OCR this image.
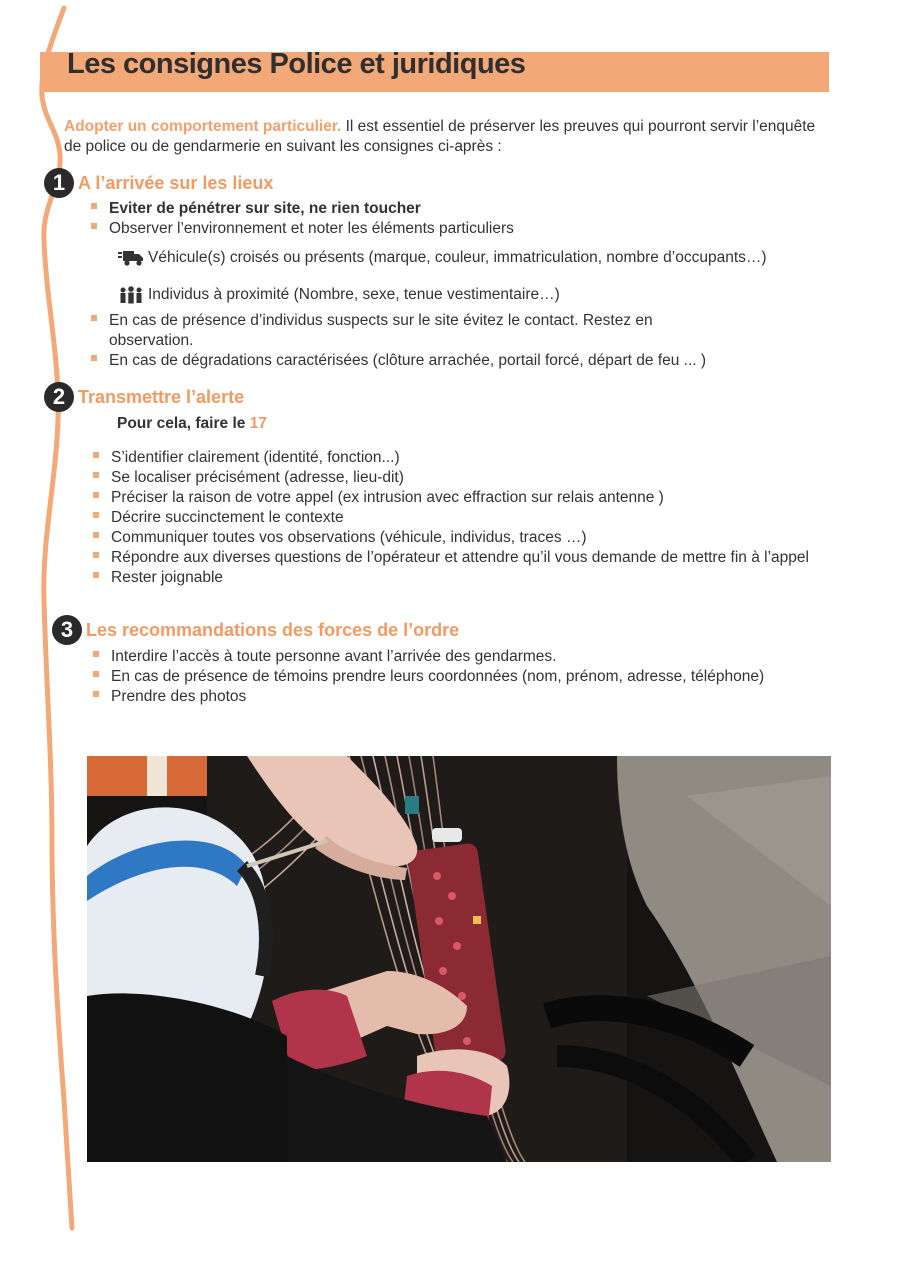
Les consignes Police et juridiques

Adopter un comportement particulier. Il est essentiel de préserver les preuves qui pourront servir l’enquête de police ou de gendarmerie en suivant les consignes ci-après :

1 A l’arrivée sur les lieux
Eviter de pénétrer sur site, ne rien toucher
Observer l’environnement et noter les éléments particuliers
Véhicule(s) croisés ou présents (marque, couleur, immatriculation, nombre d’occupants…)
Individus à proximité (Nombre, sexe, tenue vestimentaire…)
En cas de présence d’individus suspects sur le site évitez le contact. Restez en observation.
En cas de dégradations caractérisées (clôture arrachée, portail forcé, départ de feu ... )
2 Transmettre l’alerte
Pour cela, faire le 17
S’identifier clairement (identité, fonction...)
Se localiser précisément (adresse, lieu-dit)
Préciser la raison de votre appel (ex intrusion avec effraction sur relais antenne )
Décrire succinctement le contexte
Communiquer toutes vos observations (véhicule, individus, traces …)
Répondre aux diverses questions de l’opérateur et attendre qu’il vous demande de mettre fin à l’appel
Rester joignable
3 Les recommandations des forces de l’ordre
Interdire l’accès à toute personne avant l’arrivée des gendarmes.
En cas de présence de témoins prendre leurs coordonnées (nom, prénom, adresse, téléphone)
Prendre des photos
